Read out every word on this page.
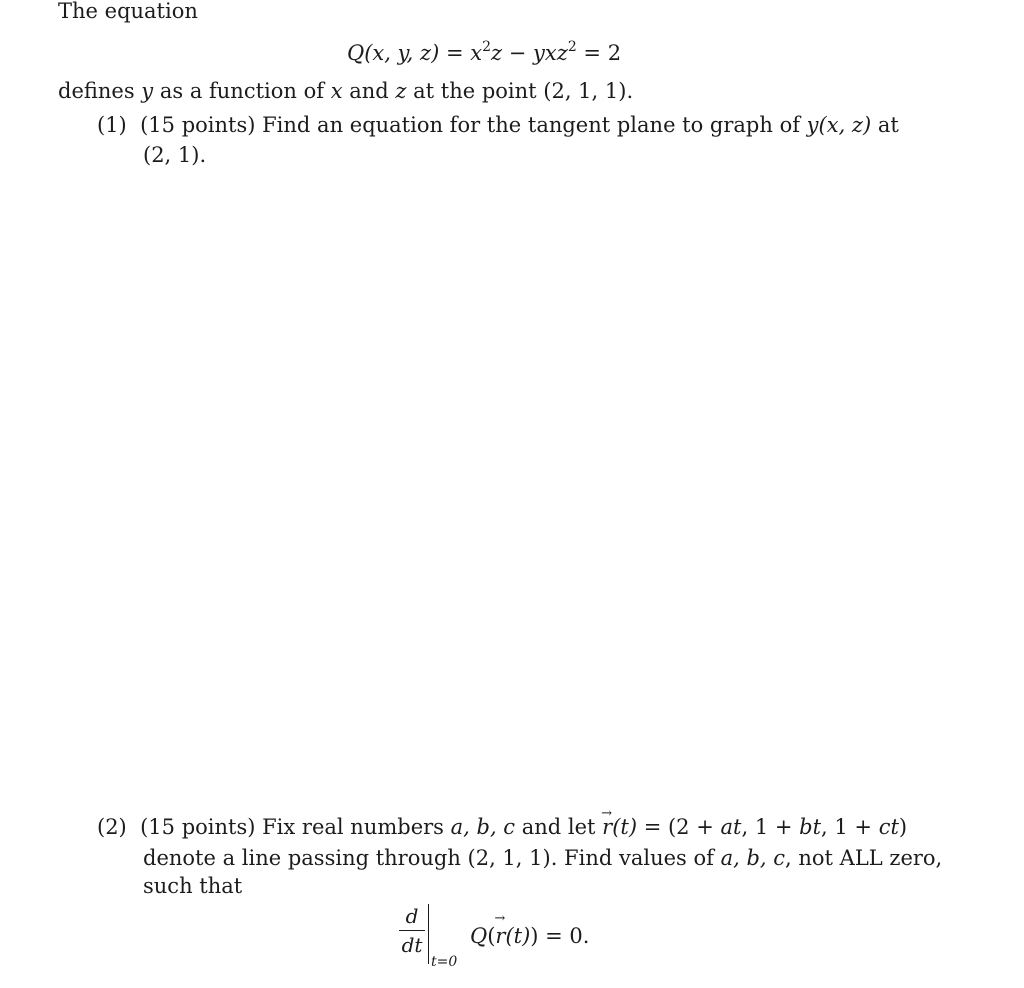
The equation
Q(x, y, $z) = x^2z - yxz^2 = 2$
defines y as a function of x and z at the point (2, 1, 1).
(1) (15 points) Find an equation for the tangent plane to graph of y(x, z) at
(2, 1).
(2) (15 points) Fix real numbers a, b, c and let → r(t) = (2 + at, 1 + bt, 1 + ct)
denote a line passing through (2, 1, 1). Find values of a, b, c, not ALL zero,
such that
d
dt
t=0
Q(→ r(t)) = 0.
